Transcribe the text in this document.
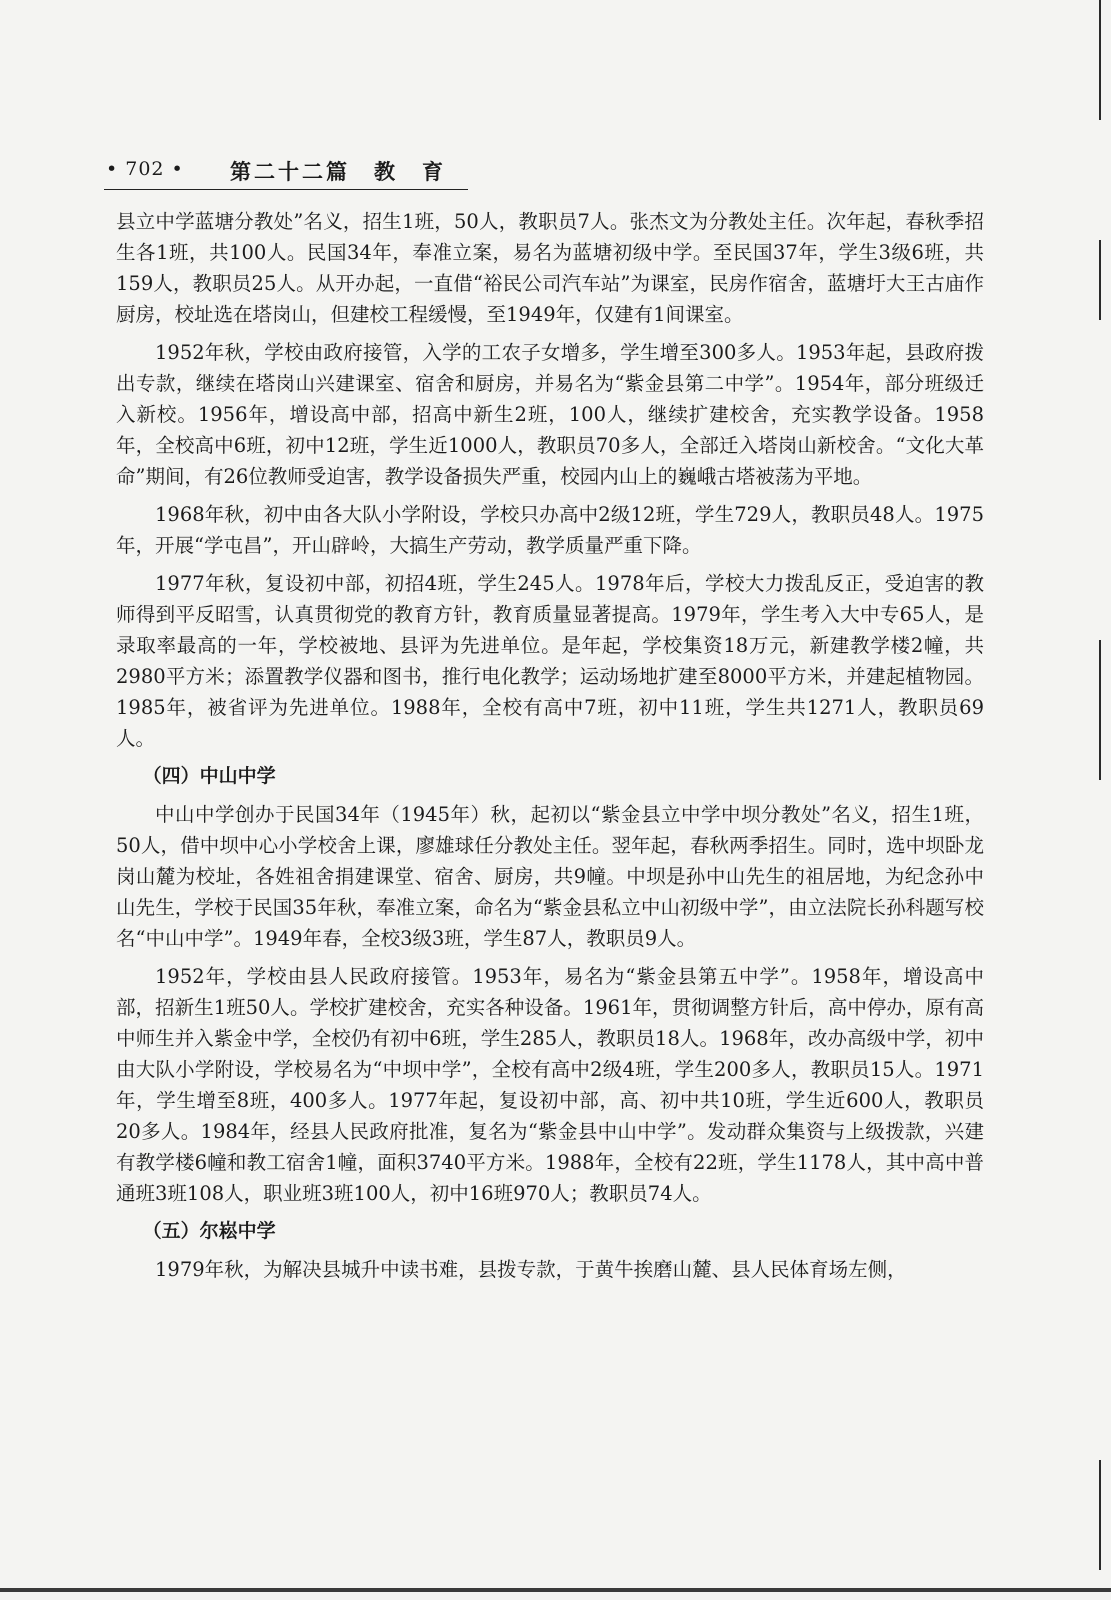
• 702 • 第二十二篇　教　育

县立中学蓝塘分教处”名义，招生1班，50人，教职员7人。张杰文为分教处主任。次年起，春秋季招生各1班，共100人。民国34年，奉准立案，易名为蓝塘初级中学。至民国37年，学生3级6班，共159人，教职员25人。从开办起，一直借“裕民公司汽车站”为课室，民房作宿舍，蓝塘圩大王古庙作厨房，校址选在塔岗山，但建校工程缓慢，至1949年，仅建有1间课室。

1952年秋，学校由政府接管，入学的工农子女增多，学生增至300多人。1953年起，县政府拨出专款，继续在塔岗山兴建课室、宿舍和厨房，并易名为“紫金县第二中学”。1954年，部分班级迁入新校。1956年，增设高中部，招高中新生2班，100人，继续扩建校舍，充实教学设备。1958年，全校高中6班，初中12班，学生近1000人，教职员70多人，全部迁入塔岗山新校舍。“文化大革命”期间，有26位教师受迫害，教学设备损失严重，校园内山上的巍峨古塔被荡为平地。

1968年秋，初中由各大队小学附设，学校只办高中2级12班，学生729人，教职员48人。1975年，开展“学屯昌”，开山辟岭，大搞生产劳动，教学质量严重下降。

1977年秋，复设初中部，初招4班，学生245人。1978年后，学校大力拨乱反正，受迫害的教师得到平反昭雪，认真贯彻党的教育方针，教育质量显著提高。1979年，学生考入大中专65人，是录取率最高的一年，学校被地、县评为先进单位。是年起，学校集资18万元，新建教学楼2幢，共2980平方米；添置教学仪器和图书，推行电化教学；运动场地扩建至8000平方米，并建起植物园。1985年，被省评为先进单位。1988年，全校有高中7班，初中11班，学生共1271人，教职员69人。

（四）中山中学

中山中学创办于民国34年（1945年）秋，起初以“紫金县立中学中坝分教处”名义，招生1班，50人，借中坝中心小学校舍上课，廖雄球任分教处主任。翌年起，春秋两季招生。同时，选中坝卧龙岗山麓为校址，各姓祖舍捐建课堂、宿舍、厨房，共9幢。中坝是孙中山先生的祖居地，为纪念孙中山先生，学校于民国35年秋，奉准立案，命名为“紫金县私立中山初级中学”，由立法院长孙科题写校名“中山中学”。1949年春，全校3级3班，学生87人，教职员9人。

1952年，学校由县人民政府接管。1953年，易名为“紫金县第五中学”。1958年，增设高中部，招新生1班50人。学校扩建校舍，充实各种设备。1961年，贯彻调整方针后，高中停办，原有高中师生并入紫金中学，全校仍有初中6班，学生285人，教职员18人。1968年，改办高级中学，初中由大队小学附设，学校易名为“中坝中学”，全校有高中2级4班，学生200多人，教职员15人。1971年，学生增至8班，400多人。1977年起，复设初中部，高、初中共10班，学生近600人，教职员20多人。1984年，经县人民政府批准，复名为“紫金县中山中学”。发动群众集资与上级拨款，兴建有教学楼6幢和教工宿舍1幢，面积3740平方米。1988年，全校有22班，学生1178人，其中高中普通班3班108人，职业班3班100人，初中16班970人；教职员74人。

（五）尔崧中学

1979年秋，为解决县城升中读书难，县拨专款，于黄牛挨磨山麓、县人民体育场左侧，
